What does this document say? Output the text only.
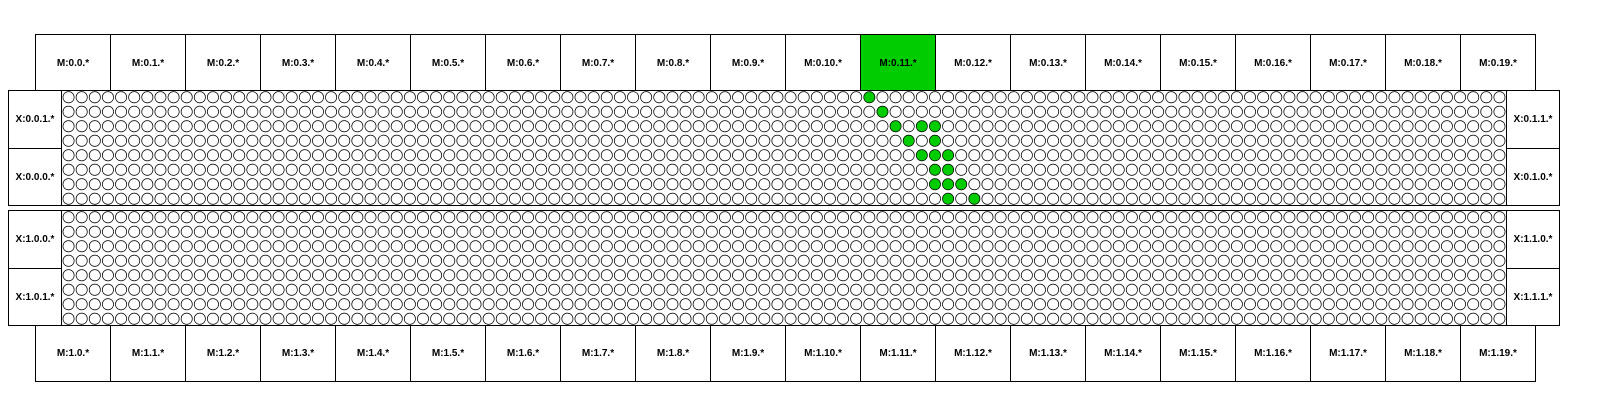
M:0.0.*	M:0.1.*	M:0.2.*	M:0.3.*	M:0.4.*	M:0.5.*	M:0.6.*	M:0.7.*	M:0.8.*	M:0.9.*	M:0.10.*	M:0.11.*	M:0.12.*	M:0.13.*	M:0.14.*	M:0.15.*	M:0.16.*	M:0.17.*	M:0.18.*	M:0.19.*
M:1.0.*	M:1.1.*	M:1.2.*	M:1.3.*	M:1.4.*	M:1.5.*	M:1.6.*	M:1.7.*	M:1.8.*	M:1.9.*	M:1.10.*	M:1.11.*	M:1.12.*	M:1.13.*	M:1.14.*	M:1.15.*	M:1.16.*	M:1.17.*	M:1.18.*	M:1.19.*
X:0.0.1.*
X:0.0.0.*
X:0.1.1.*
X:0.1.0.*
X:1.0.0.*
X:1.0.1.*
X:1.1.0.*
X:1.1.1.*
